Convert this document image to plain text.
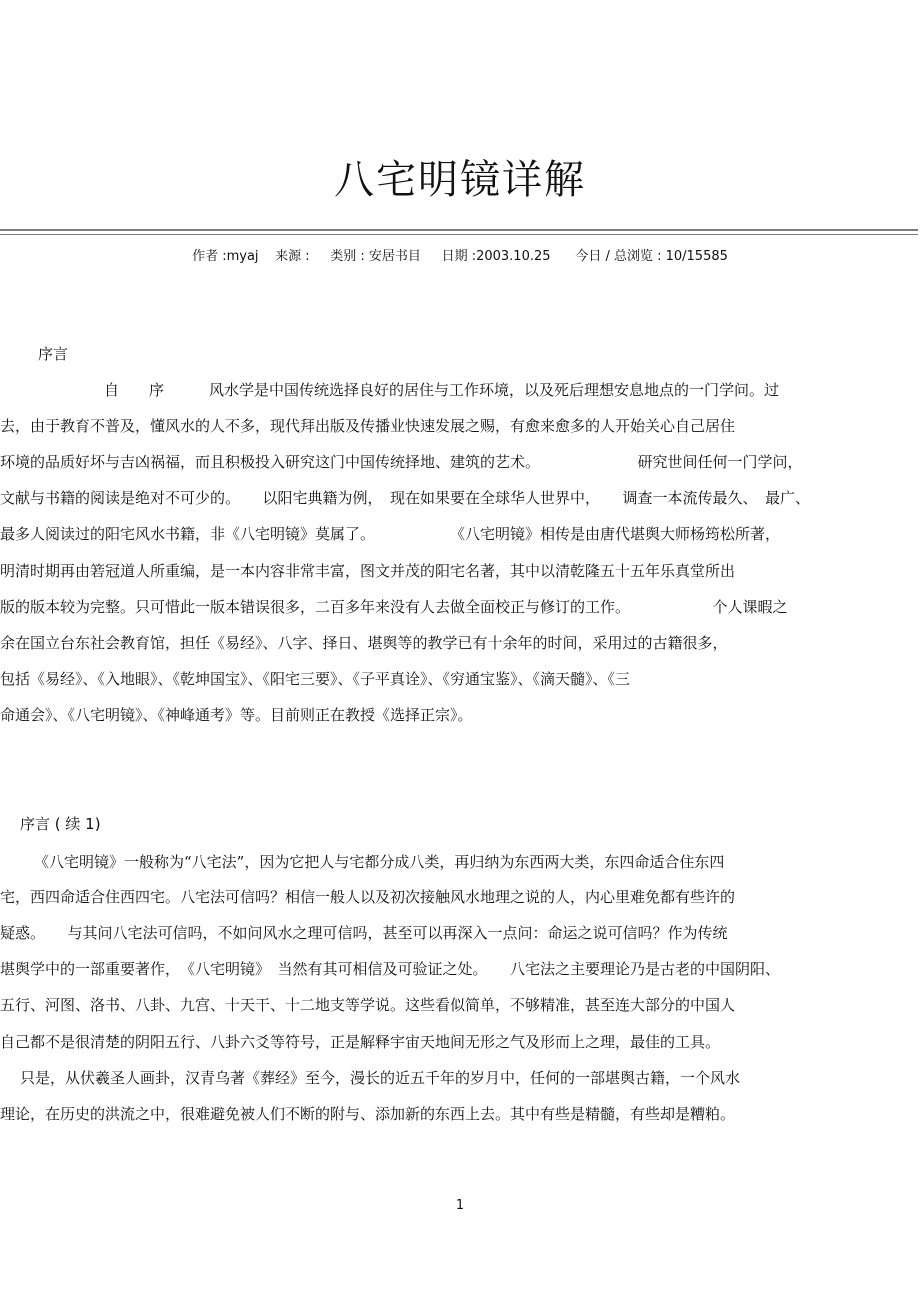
八宅明镜详解
作者 :myaj 来源 : 类别 : 安居书目 日期 :2003.10.25 今日 / 总浏览 : 10/15585
序言
自　　序　　　风水学是中国传统选择良好的居住与工作环境，以及死后理想安息地点的一门学问。过
去，由于教育不普及，懂风水的人不多，现代拜出版及传播业快速发展之赐，有愈来愈多的人开始关心自己居住
环境的品质好坏与吉凶祸福，而且积极投入研究这门中国传统择地、建筑的艺术。　　　　　　　研究世间任何一门学问，
文献与书籍的阅读是绝对不可少的。　　以阳宅典籍为例，　现在如果要在全球华人世界中，　　调查一本流传最久、　最广、
最多人阅读过的阳宅风水书籍，非《八宅明镜》莫属了。　　　　　　《八宅明镜》相传是由唐代堪舆大师杨筠松所著，
明清时期再由箬冠道人所重编，是一本内容非常丰富，图文并茂的阳宅名著，其中以清乾隆五十五年乐真堂所出
版的版本较为完整。只可惜此一版本错误很多，二百多年来没有人去做全面校正与修订的工作。　　　　　　个人课暇之
余在国立台东社会教育馆，担任《易经》、八字、择日、堪舆等的教学已有十余年的时间，采用过的古籍很多，
包括《易经》、《入地眼》、《乾坤国宝》、《阳宅三要》、《子平真诠》、《穷通宝鉴》、《滴天髓》、《三
命通会》、《八宅明镜》、《神峰通考》等。目前则正在教授《选择正宗》。
序言 ( 续 1)
《八宅明镜》一般称为“八宅法”，因为它把人与宅都分成八类，再归纳为东西两大类，东四命适合住东四
宅，西四命适合住西四宅。八宅法可信吗？相信一般人以及初次接触风水地理之说的人，内心里难免都有些许的
疑惑。　　与其问八宅法可信吗，不如问风水之理可信吗，甚至可以再深入一点问：命运之说可信吗？作为传统
堪舆学中的一部重要著作，　《八宅明镜》　当然有其可相信及可验证之处。　　八宅法之主要理论乃是古老的中国阴阳、
五行、河图、洛书、八卦、九宫、十天干、十二地支等学说。这些看似简单，不够精准，甚至连大部分的中国人
自己都不是很清楚的阴阳五行、八卦六爻等符号，正是解释宇宙天地间无形之气及形而上之理，最佳的工具。
只是，从伏羲圣人画卦，汉青乌著《葬经》至今，漫长的近五千年的岁月中，任何的一部堪舆古籍，一个风水
理论，在历史的洪流之中，很难避免被人们不断的附与、添加新的东西上去。其中有些是精髓，有些却是糟粕。
1
